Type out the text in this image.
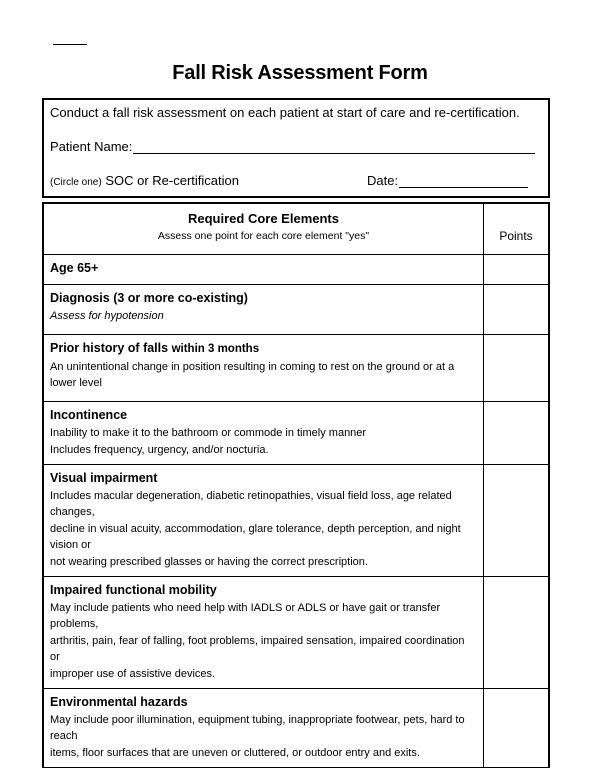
Fall Risk Assessment Form
Conduct a fall risk assessment on each patient at start of care and re-certification.
Patient Name:
(Circle one) SOC or Re-certification	Date:
Required Core Elements
Assess one point for each core element "yes"	Points

Age 65+	

Diagnosis (3 or more co-existing)
Assess for hypotension	

Prior history of falls within 3 months
An unintentional change in position resulting in coming to rest on the ground or at a lower level	

Incontinence
Inability to make it to the bathroom or commode in timely manner
Includes frequency, urgency, and/or nocturia.	

Visual impairment
Includes macular degeneration, diabetic retinopathies, visual field loss, age related changes,
decline in visual acuity, accommodation, glare tolerance, depth perception, and night vision or
not wearing prescribed glasses or having the correct prescription.	

Impaired functional mobility
May include patients who need help with IADLS or ADLS or have gait or transfer problems,
arthritis, pain, fear of falling, foot problems, impaired sensation, impaired coordination or
improper use of assistive devices.	

Environmental hazards
May include poor illumination, equipment tubing, inappropriate footwear, pets, hard to reach
items, floor surfaces that are uneven or cluttered, or outdoor entry and exits.	
